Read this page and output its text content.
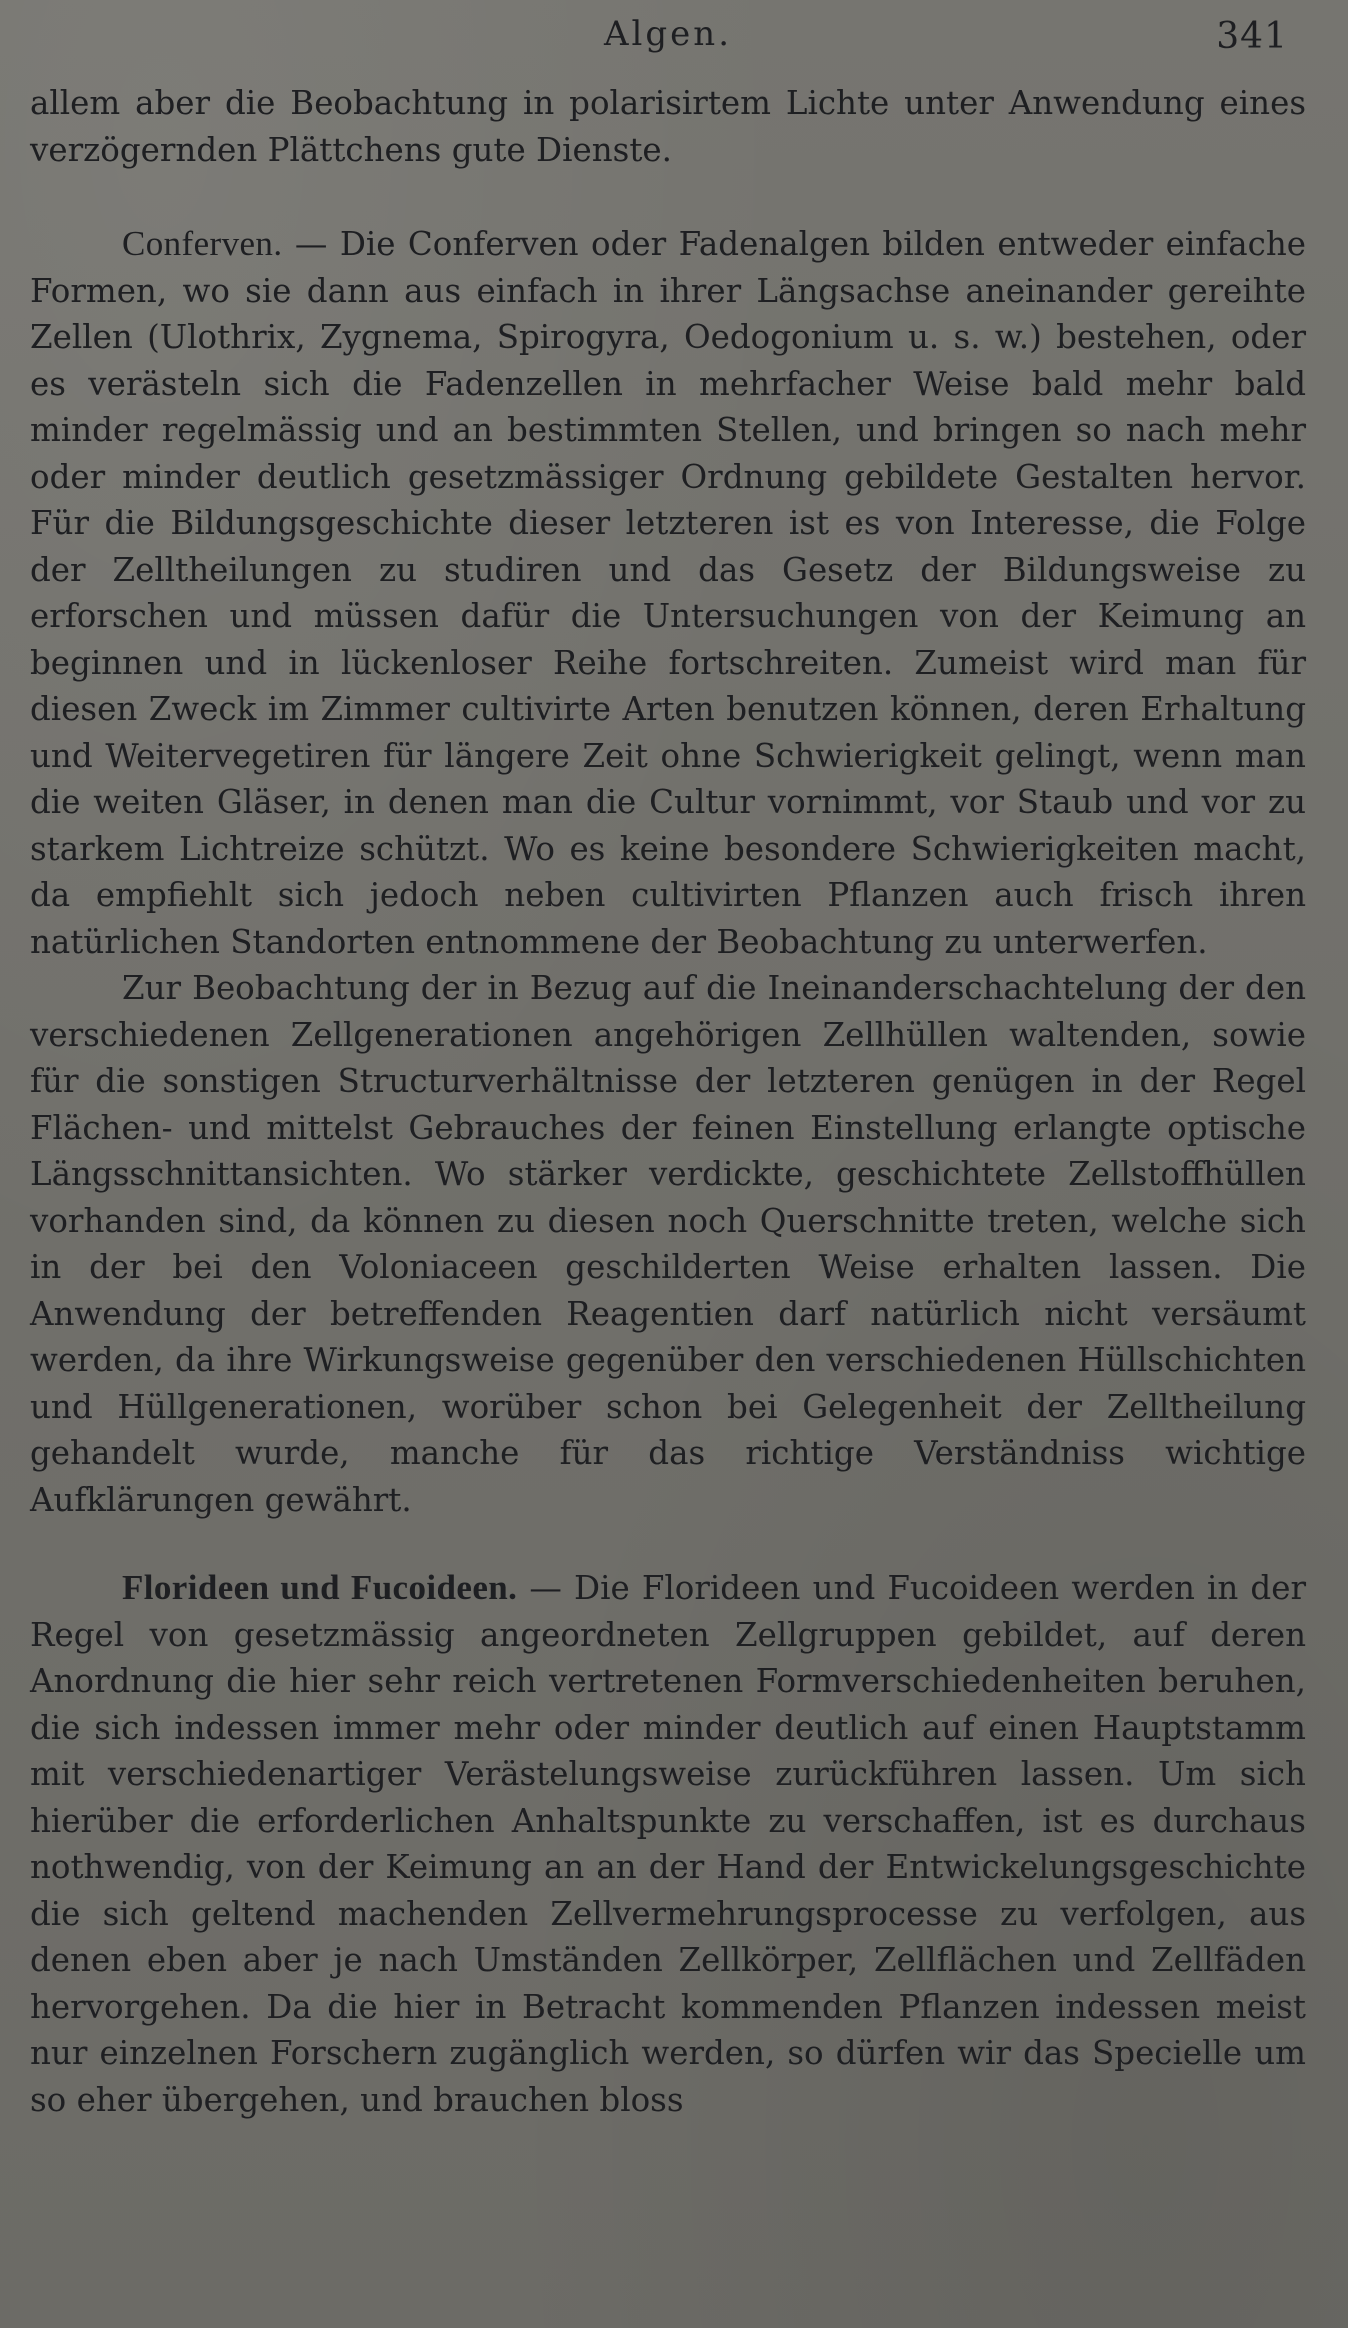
Algen.	341

allem aber die Beobachtung in polarisirtem Lichte unter Anwendung eines verzögernden Plättchens gute Dienste.

Conferven. — Die Conferven oder Fadenalgen bilden entweder einfache Formen, wo sie dann aus einfach in ihrer Längsachse aneinander gereihte Zellen (Ulothrix, Zygnema, Spirogyra, Oedogonium u. s. w.) bestehen, oder es verästeln sich die Fadenzellen in mehrfacher Weise bald mehr bald minder regelmässig und an bestimmten Stellen, und bringen so nach mehr oder minder deutlich gesetzmässiger Ordnung gebildete Gestalten hervor. Für die Bildungsgeschichte dieser letzteren ist es von Interesse, die Folge der Zelltheilungen zu studiren und das Gesetz der Bildungsweise zu erforschen und müssen dafür die Untersuchungen von der Keimung an beginnen und in lückenloser Reihe fortschreiten. Zumeist wird man für diesen Zweck im Zimmer cultivirte Arten benutzen können, deren Erhaltung und Weitervegetiren für längere Zeit ohne Schwierigkeit gelingt, wenn man die weiten Gläser, in denen man die Cultur vornimmt, vor Staub und vor zu starkem Lichtreize schützt. Wo es keine besondere Schwierigkeiten macht, da empfiehlt sich jedoch neben cultivirten Pflanzen auch frisch ihren natürlichen Standorten entnommene der Beobachtung zu unterwerfen.

Zur Beobachtung der in Bezug auf die Ineinanderschachtelung der den verschiedenen Zellgenerationen angehörigen Zellhüllen waltenden, sowie für die sonstigen Structurverhältnisse der letzteren genügen in der Regel Flächen- und mittelst Gebrauches der feinen Einstellung erlangte optische Längsschnittansichten. Wo stärker verdickte, geschichtete Zellstoffhüllen vorhanden sind, da können zu diesen noch Querschnitte treten, welche sich in der bei den Voloniaceen geschilderten Weise erhalten lassen. Die Anwendung der betreffenden Reagentien darf natürlich nicht versäumt werden, da ihre Wirkungsweise gegenüber den verschiedenen Hüllschichten und Hüllgenerationen, worüber schon bei Gelegenheit der Zelltheilung gehandelt wurde, manche für das richtige Verständniss wichtige Aufklärungen gewährt.

Florideen und Fucoideen. — Die Florideen und Fucoideen werden in der Regel von gesetzmässig angeordneten Zellgruppen gebildet, auf deren Anordnung die hier sehr reich vertretenen Formverschiedenheiten beruhen, die sich indessen immer mehr oder minder deutlich auf einen Hauptstamm mit verschiedenartiger Verästelungsweise zurückführen lassen. Um sich hierüber die erforderlichen Anhaltspunkte zu verschaffen, ist es durchaus nothwendig, von der Keimung an an der Hand der Entwickelungsgeschichte die sich geltend machenden Zellvermehrungsprocesse zu verfolgen, aus denen eben aber je nach Umständen Zellkörper, Zellflächen und Zellfäden hervorgehen. Da die hier in Betracht kommenden Pflanzen indessen meist nur einzelnen Forschern zugänglich werden, so dürfen wir das Specielle um so eher übergehen, und brauchen bloss
